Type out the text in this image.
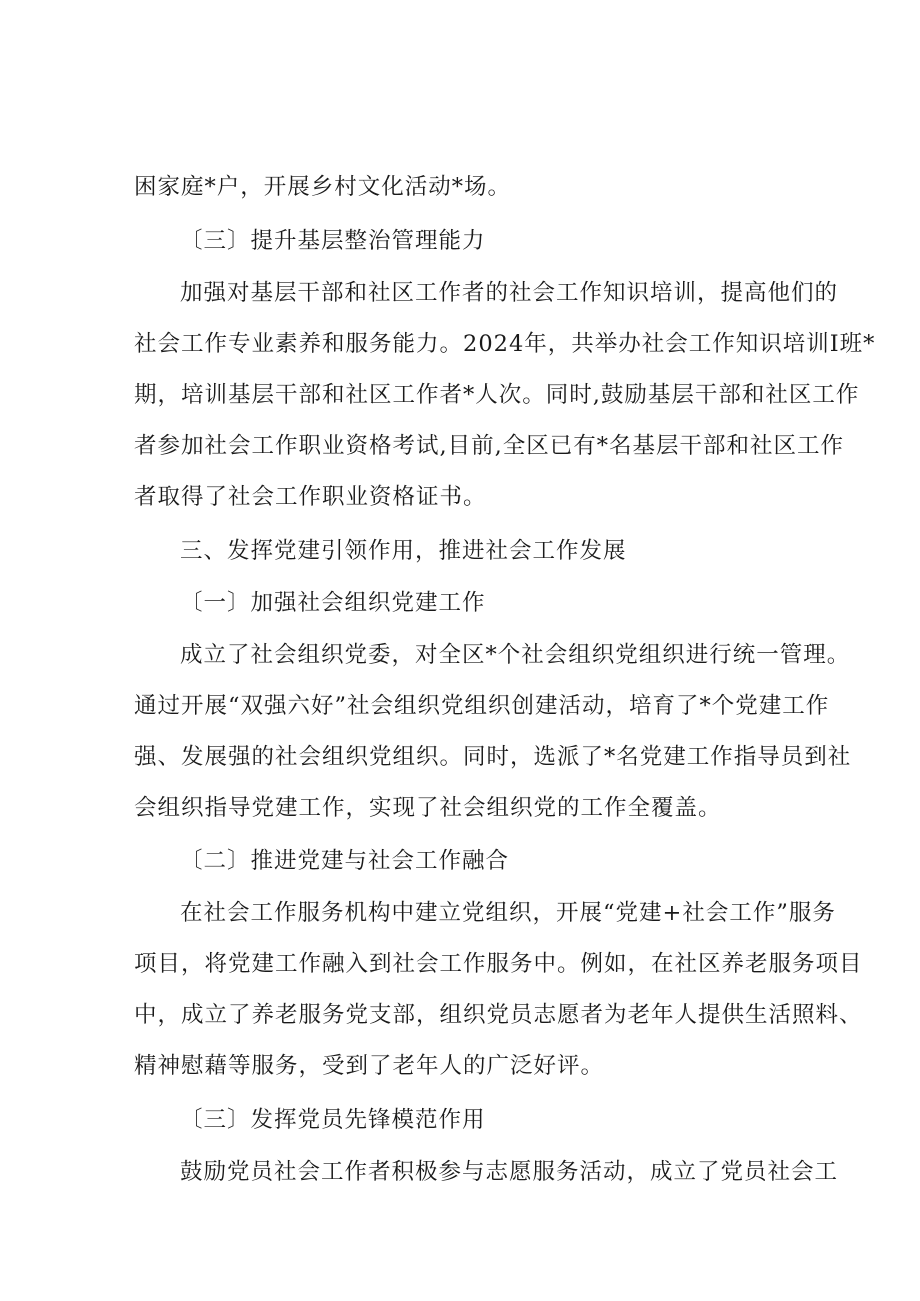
困家庭*户，开展乡村文化活动*场。

〔三〕提升基层整治管理能力

加强对基层干部和社区工作者的社会工作知识培训，提高他们的

社会工作专业素养和服务能力。2024年，共举办社会工作知识培训I班*

期，培训基层干部和社区工作者*人次。同时,鼓励基层干部和社区工作

者参加社会工作职业资格考试,目前,全区已有*名基层干部和社区工作

者取得了社会工作职业资格证书。

三、发挥党建引领作用，推进社会工作发展

〔一〕加强社会组织党建工作

成立了社会组织党委，对全区*个社会组织党组织进行统一管理。

通过开展“双强六好”社会组织党组织创建活动，培育了*个党建工作

强、发展强的社会组织党组织。同时，选派了*名党建工作指导员到社

会组织指导党建工作，实现了社会组织党的工作全覆盖。

〔二〕推进党建与社会工作融合

在社会工作服务机构中建立党组织，开展“党建+社会工作”服务

项目，将党建工作融入到社会工作服务中。例如，在社区养老服务项目

中，成立了养老服务党支部，组织党员志愿者为老年人提供生活照料、

精神慰藉等服务，受到了老年人的广泛好评。

〔三〕发挥党员先锋模范作用

鼓励党员社会工作者积极参与志愿服务活动，成立了党员社会工
